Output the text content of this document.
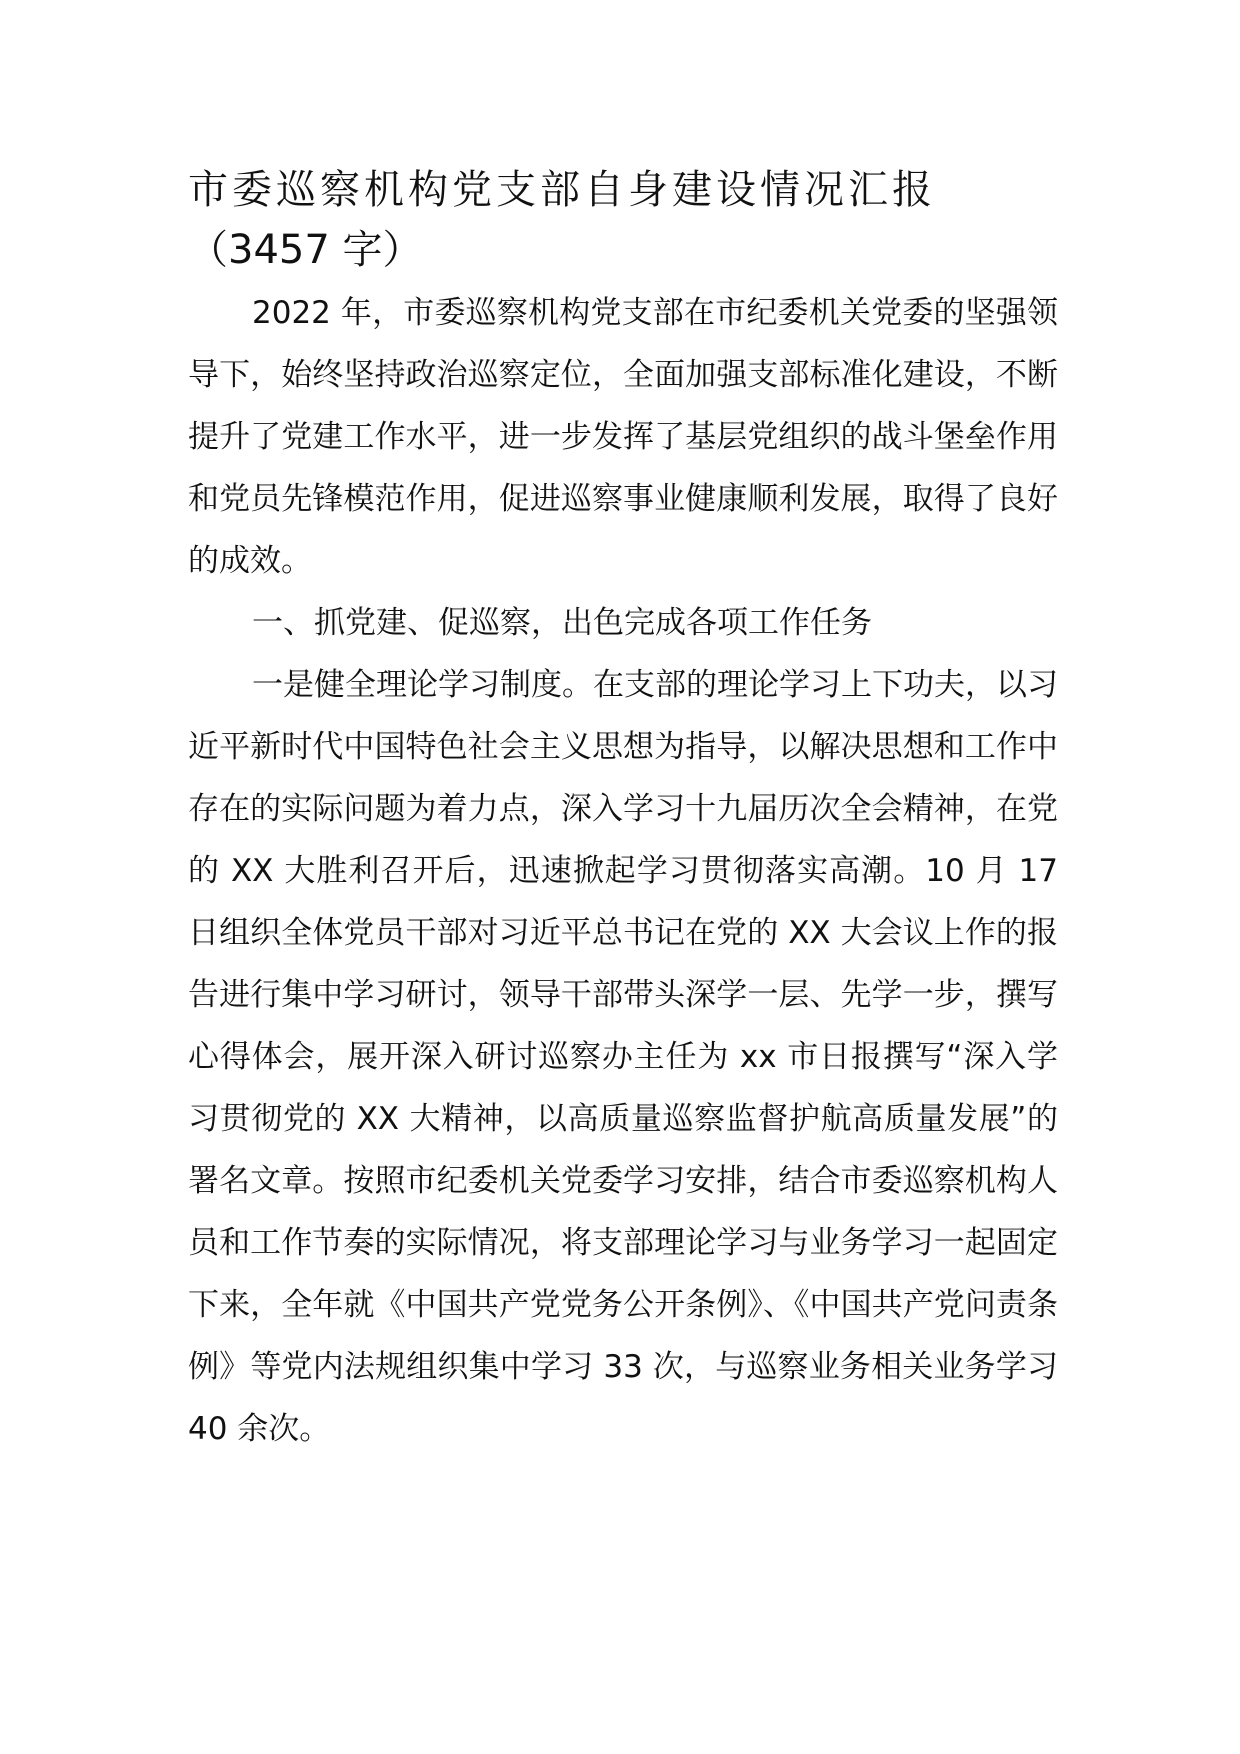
市委巡察机构党支部自身建设情况汇报
（3457 字）

2022 年，市委巡察机构党支部在市纪委机关党委的坚强领导下，始终坚持政治巡察定位，全面加强支部标准化建设，不断提升了党建工作水平，进一步发挥了基层党组织的战斗堡垒作用和党员先锋模范作用，促进巡察事业健康顺利发展，取得了良好的成效。

一、抓党建、促巡察，出色完成各项工作任务

一是健全理论学习制度。在支部的理论学习上下功夫，以习近平新时代中国特色社会主义思想为指导，以解决思想和工作中存在的实际问题为着力点，深入学习十九届历次全会精神，在党的 XX 大胜利召开后，迅速掀起学习贯彻落实高潮。10 月 17 日组织全体党员干部对习近平总书记在党的 XX 大会议上作的报告进行集中学习研讨，领导干部带头深学一层、先学一步，撰写心得体会，展开深入研讨巡察办主任为 xx 市日报撰写“深入学习贯彻党的 XX 大精神，以高质量巡察监督护航高质量发展”的署名文章。按照市纪委机关党委学习安排，结合市委巡察机构人员和工作节奏的实际情况，将支部理论学习与业务学习一起固定下来，全年就《中国共产党党务公开条例》、《中国共产党问责条例》等党内法规组织集中学习 33 次，与巡察业务相关业务学习 40 余次。
